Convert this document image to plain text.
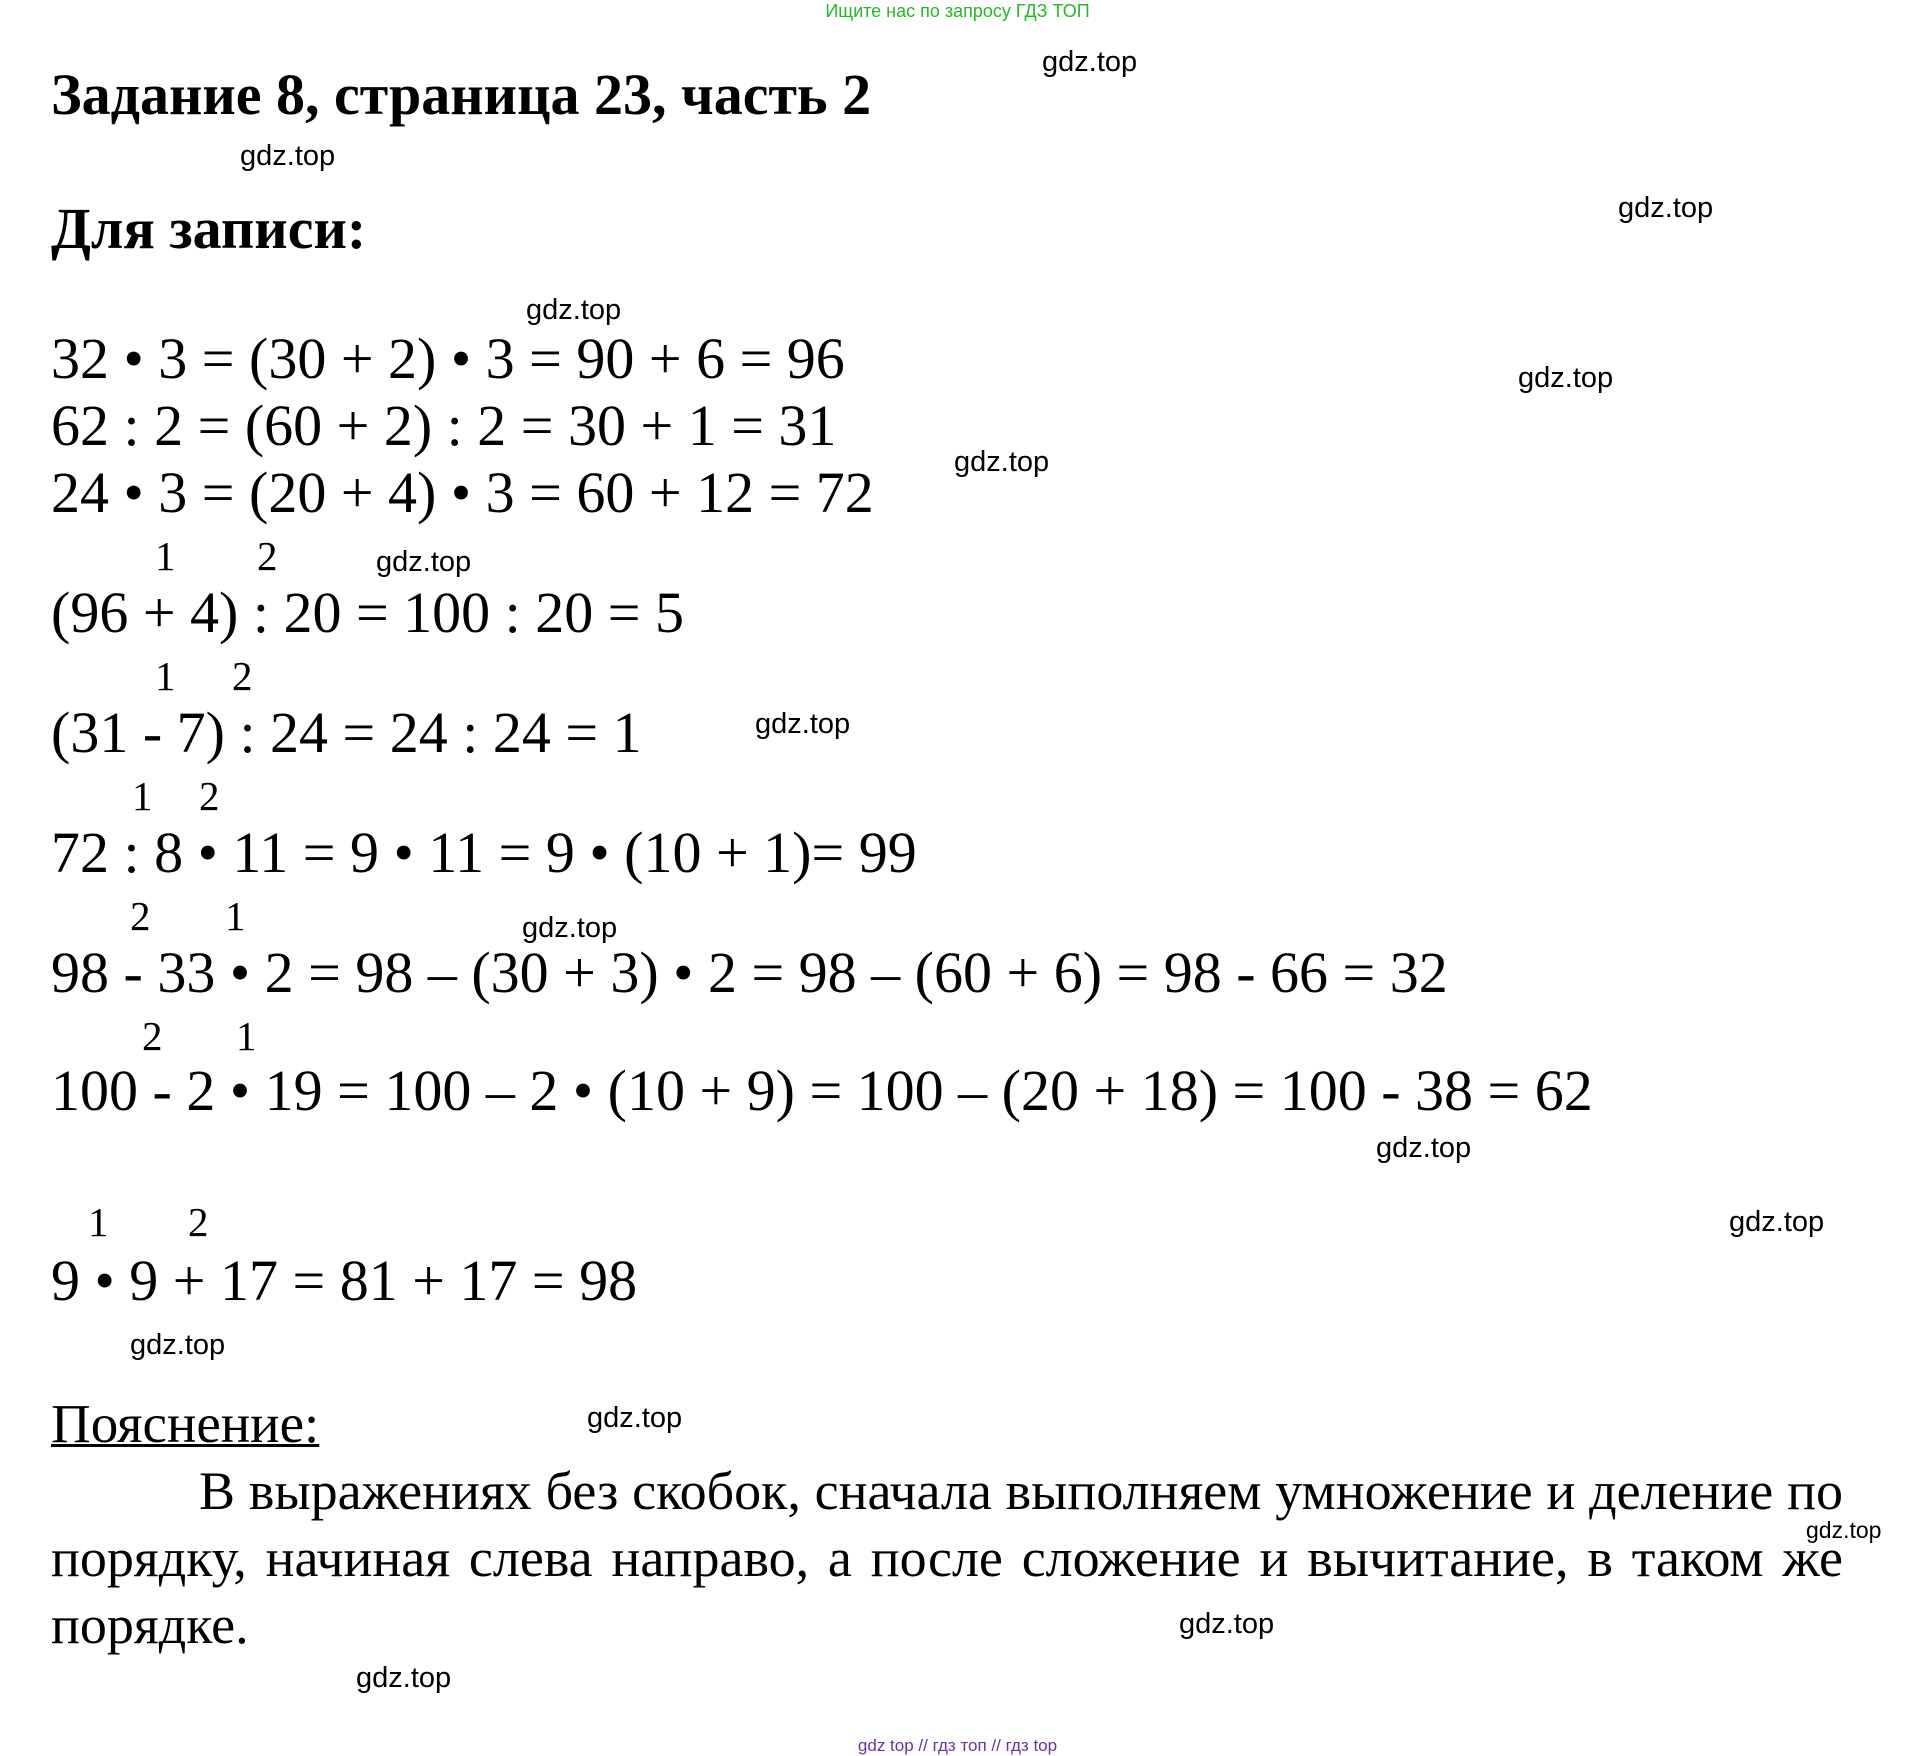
Ищите нас по запросу ГДЗ ТОП
Задание 8, страница 23, часть 2
Для записи:
32 • 3 = (30 + 2) • 3 = 90 + 6 = 96
62 : 2 = (60 + 2) : 2 = 30 + 1 = 31
24 • 3 = (20 + 4) • 3 = 60 + 12 = 72
1 2
(96 + 4) : 20 = 100 : 20 = 5
1 2
(31 - 7) : 24 = 24 : 24 = 1
1 2
72 : 8 • 11 = 9 • 11 = 9 • (10 + 1)= 99
2 1
98 - 33 • 2 = 98 – (30 + 3) • 2 = 98 – (60 + 6) = 98 - 66 = 32
2 1
100 - 2 • 19 = 100 – 2 • (10 + 9) = 100 – (20 + 18) = 100 - 38 = 62
1 2
9 • 9 + 17 = 81 + 17 = 98
Пояснение:
В выражениях без скобок, сначала выполняем умножение и деление по порядку, начиная слева направо, а после сложение и вычитание, в таком же порядке.
gdz.top
gdz.top
gdz.top
gdz.top
gdz.top
gdz.top
gdz.top
gdz.top
gdz.top
gdz.top
gdz.top
gdz.top
gdz.top
gdz.top
gdz.top
gdz.top
gdz top // гдз топ // гдз top
